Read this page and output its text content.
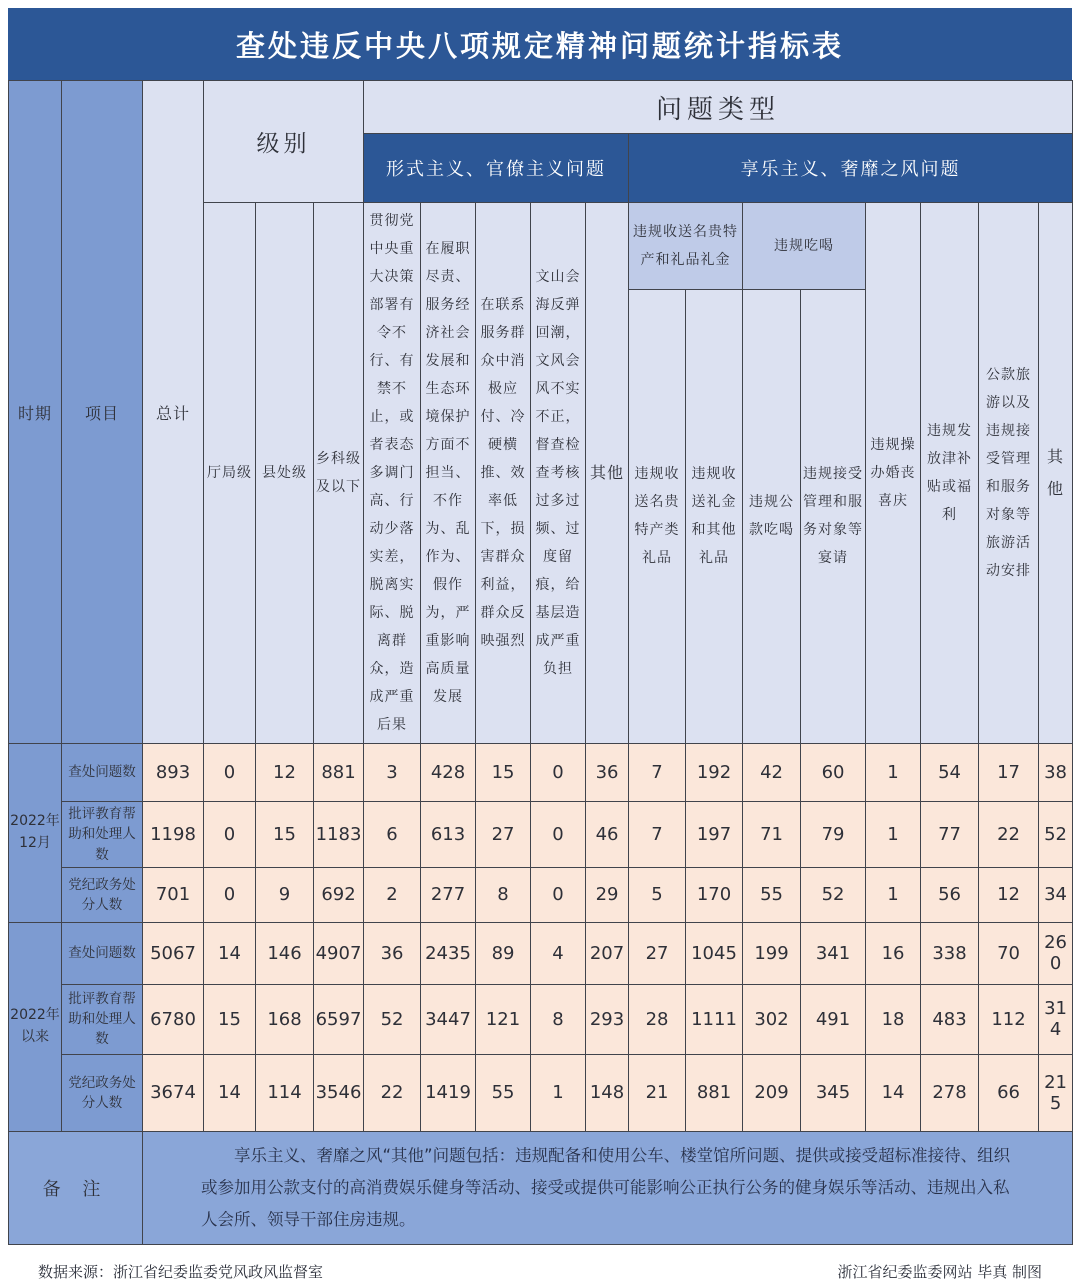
查处违反中央八项规定精神问题统计指标表
时期	项目	总计	级别			问题类型												
						形式主义、官僚主义问题					享乐主义、奢靡之风问题							
			厅局级	县处级	乡科级及以下	贯彻党中央重大决策部署有令不行、有禁不止，或者表态多调门高、行动少落实差，脱离实际、脱离群众，造成严重后果	在履职尽责、服务经济社会发展和生态环境保护方面不担当、不作为、乱作为、假作为，严重影响高质量发展	在联系服务群众中消极应付、冷硬横推、效率低下，损害群众利益，群众反映强烈	文山会海反弹回潮，文风会风不实不正，督查检查考核过多过频、过度留痕，给基层造成严重负担	其他	违规收送名贵特产和礼品礼金		违规吃喝		违规操办婚丧喜庆	违规发放津补贴或福利	公款旅游以及违规接受管理和服务对象等旅游活动安排	其他
											违规收送名贵特产类礼品	违规收送礼金和其他礼品	违规公款吃喝	违规接受管理和服务对象等宴请				
2022年12月	查处问题数	893	0	12	881	3	428	15	0	36	7	192	42	60	1	54	17	38
	批评教育帮助和处理人数	1198	0	15	1183	6	613	27	0	46	7	197	71	79	1	77	22	52
	党纪政务处分人数	701	0	9	692	2	277	8	0	29	5	170	55	52	1	56	12	34
2022年以来	查处问题数	5067	14	146	4907	36	2435	89	4	207	27	1045	199	341	16	338	70	260
	批评教育帮助和处理人数	6780	15	168	6597	52	3447	121	8	293	28	1111	302	491	18	483	112	314
	党纪政务处分人数	3674	14	114	3546	22	1419	55	1	148	21	881	209	345	14	278	66	215
备 注		享乐主义、奢靡之风“其他”问题包括：违规配备和使用公车、楼堂馆所问题、提供或接受超标准接待、组织或参加用公款支付的高消费娱乐健身等活动、接受或提供可能影响公正执行公务的健身娱乐等活动、违规出入私人会所、领导干部住房违规。																
数据来源：浙江省纪委监委党风政风监督室	浙江省纪委监委网站 毕真 制图
